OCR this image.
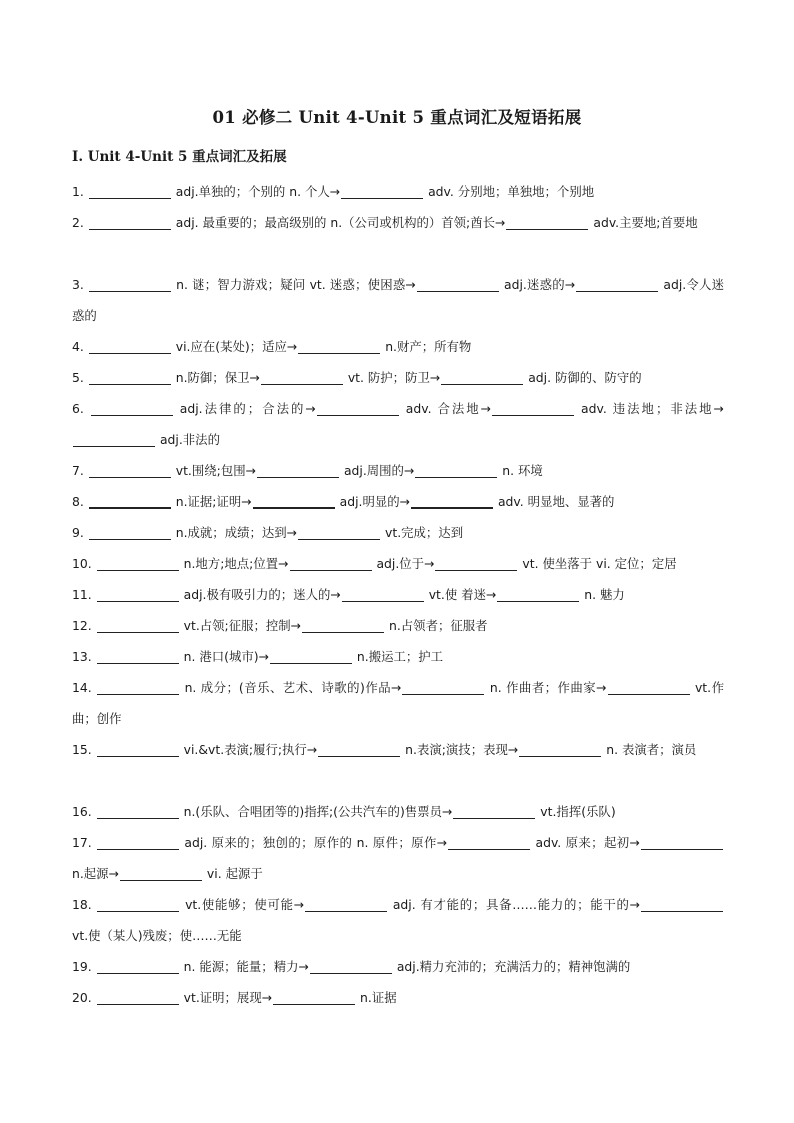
01 必修二 Unit 4-Unit 5 重点词汇及短语拓展
I. Unit 4-Unit 5 重点词汇及拓展
1.	adj.单独的；个别的 n. 个人→	adv. 分别地；单独地；个别地
2.	adj. 最重要的；最高级别的 n.（公司或机构的）首领;酋长→	adv.主要地;首要地
3.	n. 谜；智力游戏；疑问 vt. 迷惑；使困惑→	adj.迷惑的→	adj.令人迷惑的
4.	vi.应在(某处)；适应→	n.财产；所有物
5.	n.防御；保卫→	vt. 防护；防卫→	adj. 防御的、防守的
6.	adj.法律的；合法的→	adv. 合法地→	adv. 违法地；非法地→ adj.非法的
7.	vt.围绕;包围→	adj.周围的→	n. 环境
8.	n.证据;证明→	adj.明显的→	adv. 明显地、显著的
9.	n.成就；成绩；达到→	vt.完成；达到
10.	n.地方;地点;位置→	adj.位于→	vt. 使坐落于 vi. 定位；定居
11.	adj.极有吸引力的；迷人的→	vt.使 着迷→	n. 魅力
12.	vt.占领;征服；控制→	n.占领者；征服者
13.	n. 港口(城市)→	n.搬运工；护工
14.	n. 成分；(音乐、艺术、诗歌的)作品→	n. 作曲者；作曲家→	vt.作曲；创作
15.	vi.&vt.表演;履行;执行→	n.表演;演技；表现→	n. 表演者；演员
16.	n.(乐队、合唱团等的)指挥;(公共汽车的)售票员→	vt.指挥(乐队)
17.	adj. 原来的；独创的；原作的 n. 原件；原作→	adv. 原来；起初→ n.起源→	vi. 起源于
18.	vt.使能够；使可能→	adj. 有才能的；具备……能力的；能干的→ vt.使（某人)残废；使……无能
19.	n. 能源；能量；精力→	adj.精力充沛的；充满活力的；精神饱满的
20.	vt.证明；展现→	n.证据
